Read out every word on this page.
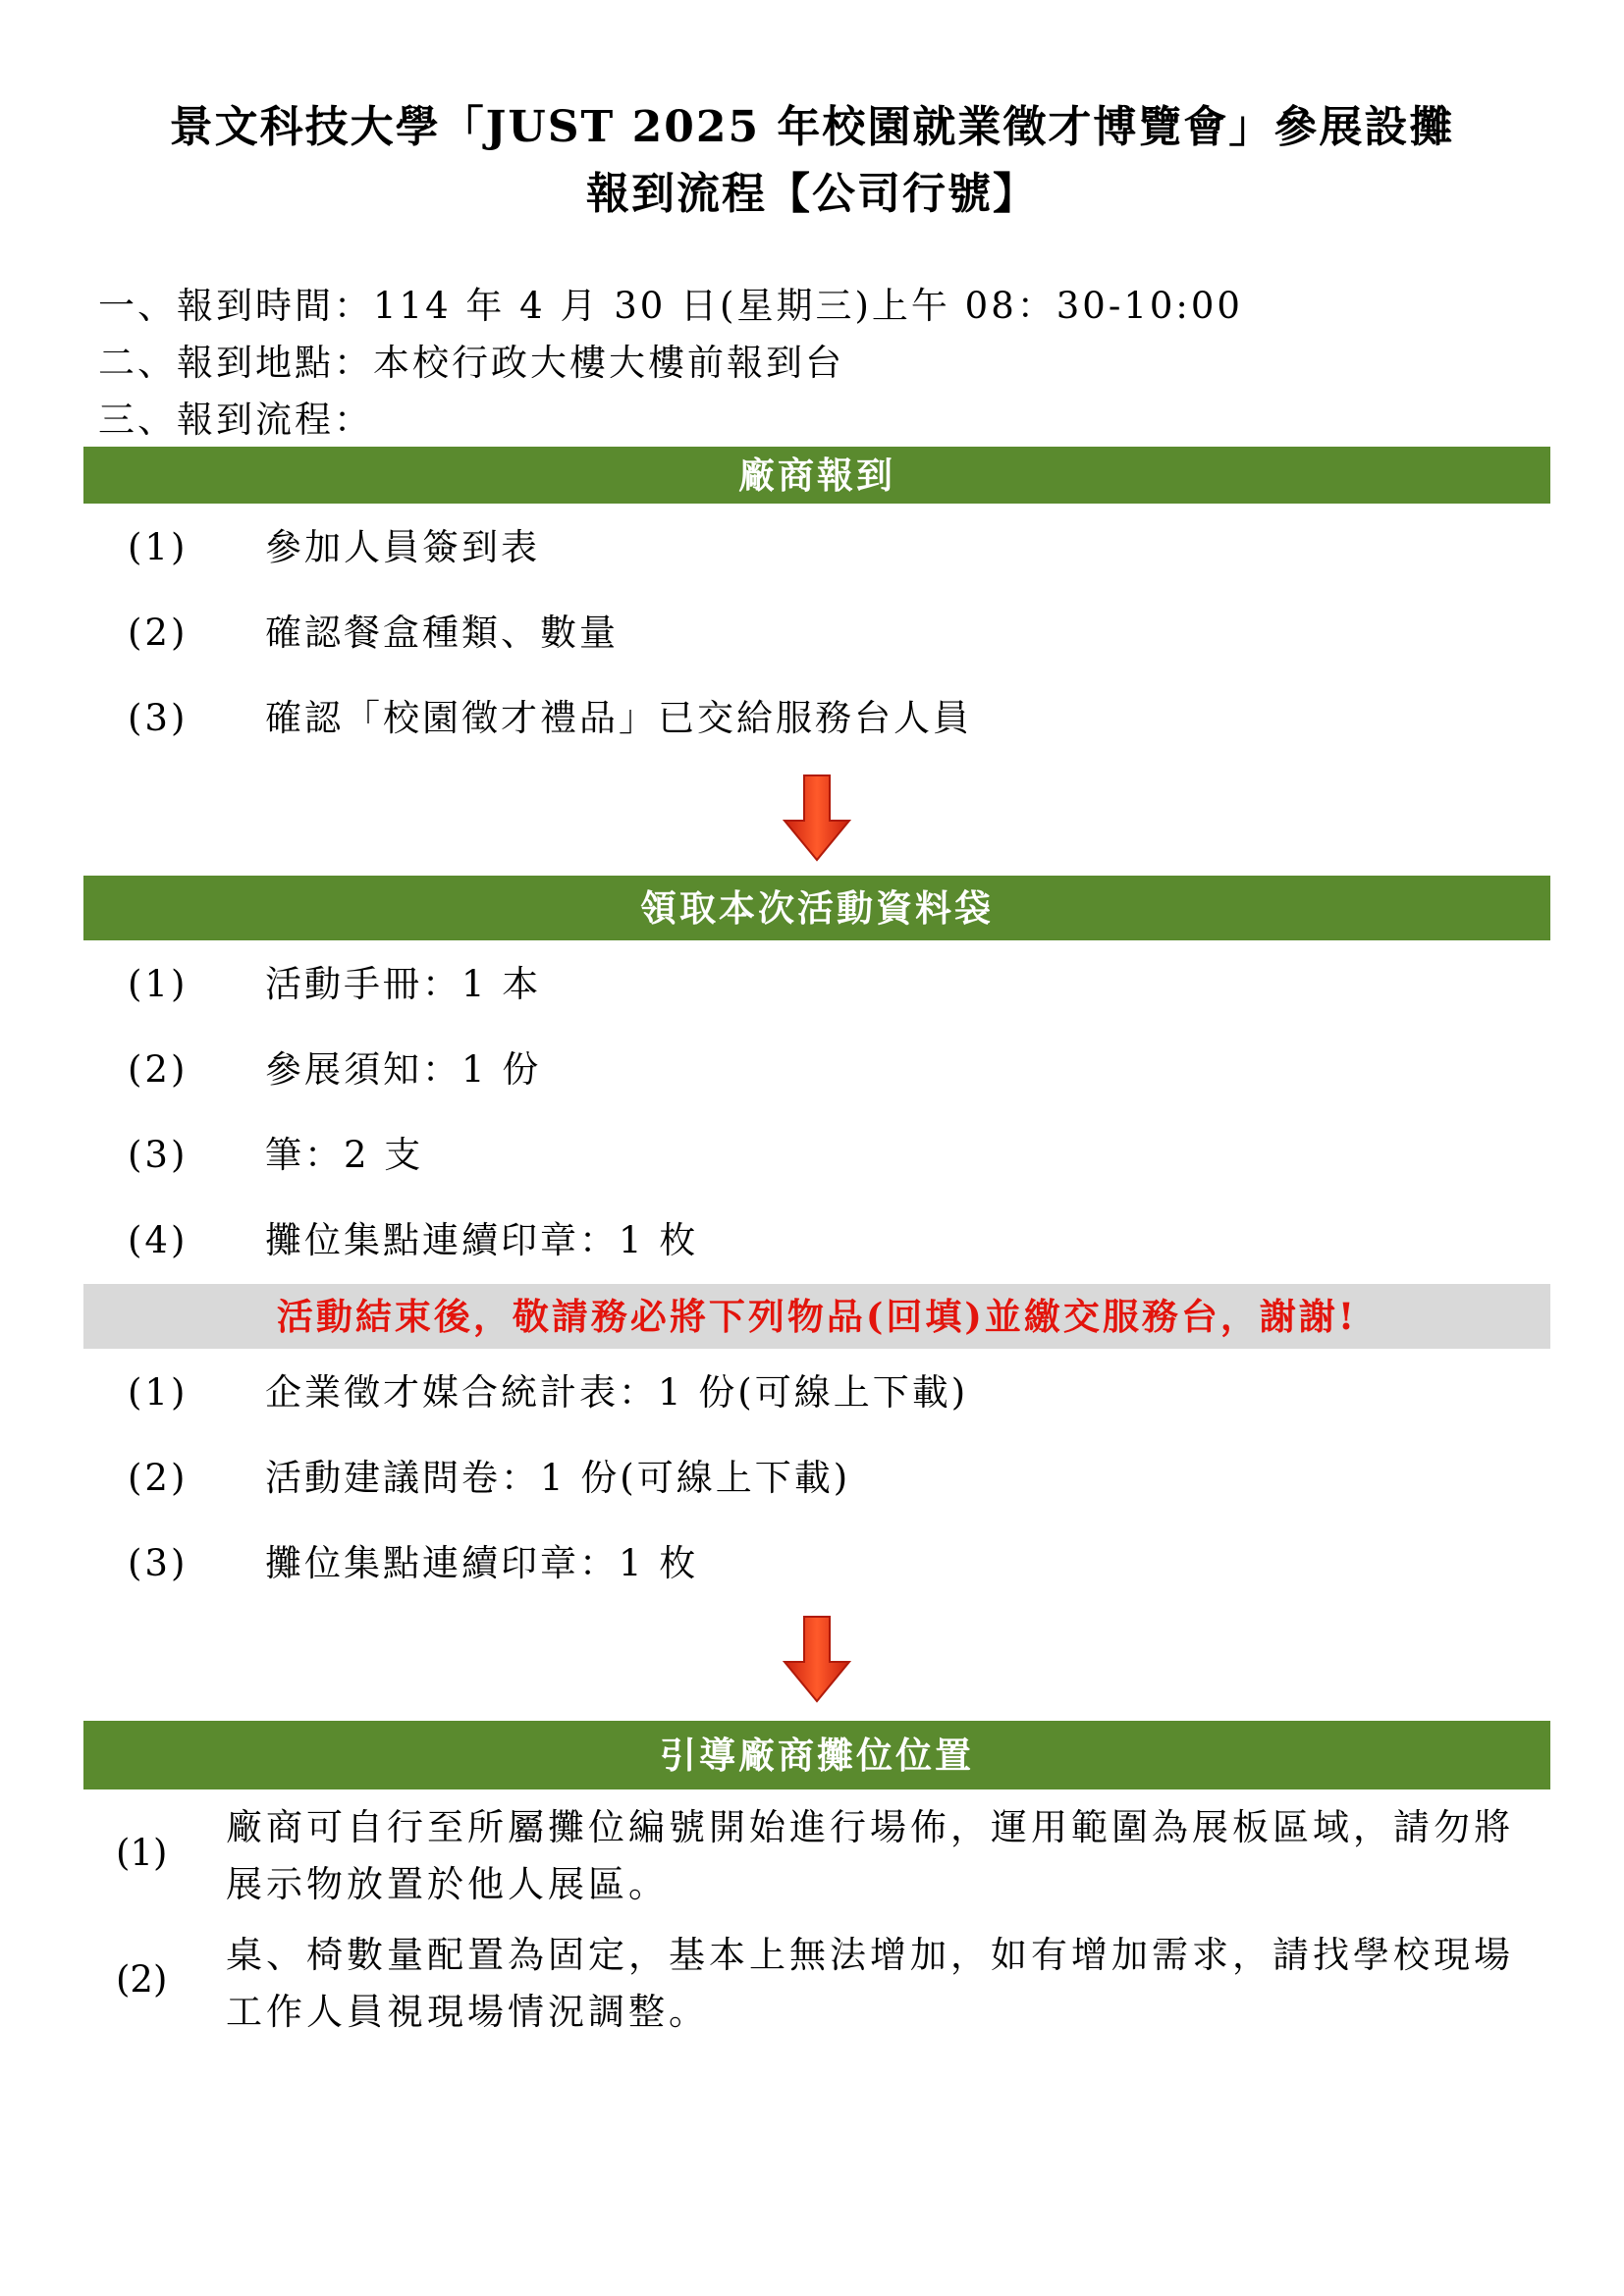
景文科技大學「JUST 2025 年校園就業徵才博覽會」參展設攤
報到流程【公司行號】
一、報到時間：114 年 4 月 30 日(星期三)上午 08：30-10:00
二、報到地點：本校行政大樓大樓前報到台
三、報到流程：
廠商報到
(1) 參加人員簽到表
(2) 確認餐盒種類、數量
(3) 確認「校園徵才禮品」已交給服務台人員
領取本次活動資料袋
(1) 活動手冊：1 本
(2) 參展須知：1 份
(3) 筆：2 支
(4) 攤位集點連續印章：1 枚
活動結束後，敬請務必將下列物品(回填)並繳交服務台，謝謝!
(1) 企業徵才媒合統計表：1 份(可線上下載)
(2) 活動建議問卷：1 份(可線上下載)
(3) 攤位集點連續印章：1 枚
引導廠商攤位位置
(1)
廠商可自行至所屬攤位編號開始進行場佈，運用範圍為展板區域，請勿將展示物放置於他人展區。
(2)
桌、椅數量配置為固定，基本上無法增加，如有增加需求，請找學校現場工作人員視現場情況調整。
